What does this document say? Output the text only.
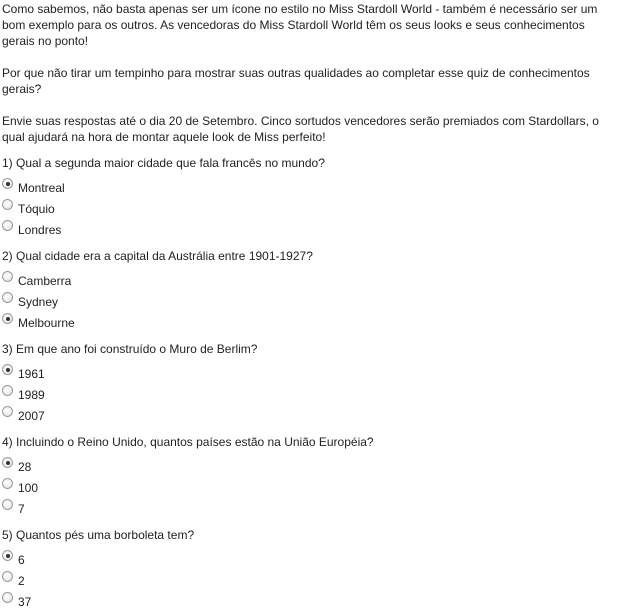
Como sabemos, não basta apenas ser um ícone no estilo no Miss Stardoll World - também é necessário ser um bom exemplo para os outros. As vencedoras do Miss Stardoll World têm os seus looks e seus conhecimentos gerais no ponto!

Por que não tirar um tempinho para mostrar suas outras qualidades ao completar esse quiz de conhecimentos gerais?

Envie suas respostas até o dia 20 de Setembro. Cinco sortudos vencedores serão premiados com Stardollars, o qual ajudará na hora de montar aquele look de Miss perfeito!

1) Qual a segunda maior cidade que fala francês no mundo?
Montreal
Tóquio
Londres
2) Qual cidade era a capital da Austrália entre 1901-1927?
Camberra
Sydney
Melbourne
3) Em que ano foi construído o Muro de Berlim?
1961
1989
2007
4) Incluindo o Reino Unido, quantos países estão na União Européia?
28
100
7
5) Quantos pés uma borboleta tem?
6
2
37
